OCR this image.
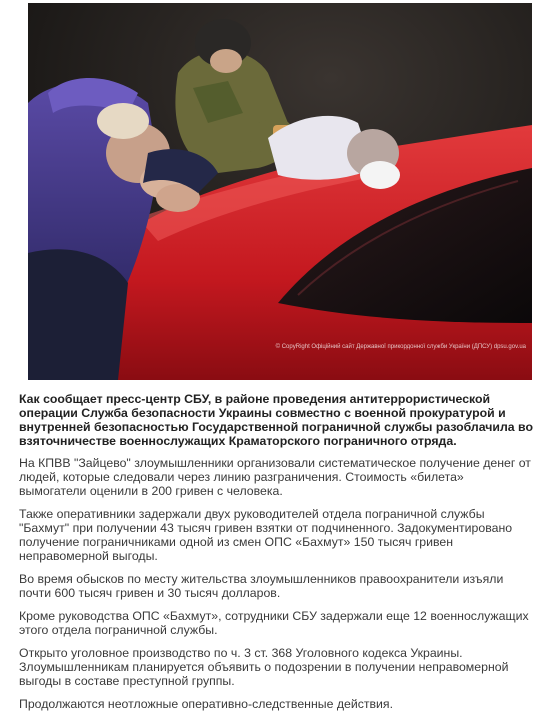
© CopyRight Офіційний сайт Державної прикордонної служби України (ДПСУ) dpsu.gov.ua

Как сообщает пресс-центр СБУ, в районе проведения антитеррористической операции Служба безопасности Украины совместно с военной прокуратурой и внутренней безопасностью Государственной пограничной службы разоблачила во взяточничестве военнослужащих Краматорского пограничного отряда.

На КПВВ "Зайцево" злоумышленники организовали систематическое получение денег от людей, которые следовали через линию разграничения. Стоимость «билета» вымогатели оценили в 200 гривен с человека.

Также оперативники задержали двух руководителей отдела пограничной службы "Бахмут" при получении 43 тысяч гривен взятки от подчиненного. Задокументировано получение пограничниками одной из смен ОПС «Бахмут» 150 тысяч гривен неправомерной выгоды.

Во время обысков по месту жительства злоумышленников правоохранители изъяли почти 600 тысяч гривен и 30 тысяч долларов.

Кроме руководства ОПС «Бахмут», сотрудники СБУ задержали еще 12 военнослужащих этого отдела пограничной службы.

Открыто уголовное производство по ч. 3 ст. 368 Уголовного кодекса Украины. Злоумышленникам планируется объявить о подозрении в получении неправомерной выгоды в составе преступной группы.

Продолжаются неотложные оперативно-следственные действия.
